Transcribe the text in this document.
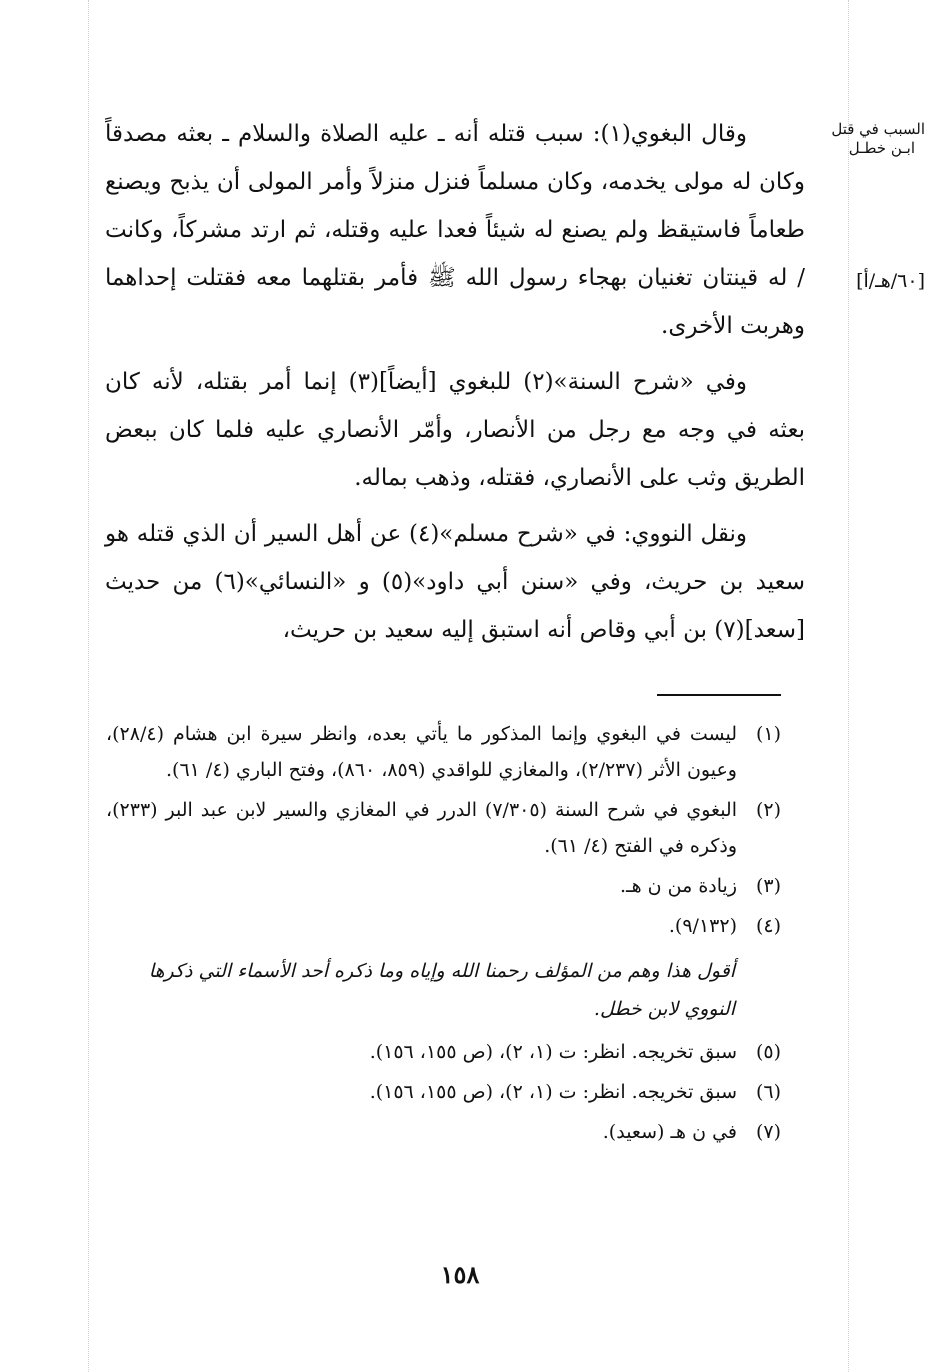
السبب في قتل
ابـن خطـل
[٦٠/هـ/أ]

وقال البغوي(١): سبب قتله أنه ـ عليه الصلاة والسلام ـ بعثه مصدقاً وكان له مولى يخدمه، وكان مسلماً فنزل منزلاً وأمر المولى أن يذبح ويصنع طعاماً فاستيقظ ولم يصنع له شيئاً فعدا عليه وقتله، ثم ارتد مشركاً، وكانت / له قينتان تغنيان بهجاء رسول الله ﷺ فأمر بقتلهما معه فقتلت إحداهما وهربت الأخرى.

وفي «شرح السنة»(٢) للبغوي [أيضاً](٣) إنما أمر بقتله، لأنه كان بعثه في وجه مع رجل من الأنصار، وأمّر الأنصاري عليه فلما كان ببعض الطريق وثب على الأنصاري، فقتله، وذهب بماله.

ونقل النووي: في «شرح مسلم»(٤) عن أهل السير أن الذي قتله هو سعيد بن حريث، وفي «سنن أبي داود»(٥) و «النسائي»(٦) من حديث [سعد](٧) بن أبي وقاص أنه استبق إليه سعيد بن حريث،

(١)
ليست في البغوي وإنما المذكور ما يأتي بعده، وانظر سيرة ابن هشام (٢٨/٤)، وعيون الأثر (٢/٢٣٧)، والمغازي للواقدي (٨٥٩، ٨٦٠)، وفتح الباري (٤/ ٦١).
(٢)
البغوي في شرح السنة (٧/٣٠٥) الدرر في المغازي والسير لابن عبد البر (٢٣٣)، وذكره في الفتح (٤/ ٦١).
(٣)
زيادة من ن هـ.
(٤)
(٩/١٣٢).
أقول هذا وهم من المؤلف رحمنا الله وإياه وما ذكره أحد الأسماء التي ذكرها النووي لابن خطل.
(٥)
سبق تخريجه. انظر: ت (١، ٢)، (ص ١٥٥، ١٥٦).
(٦)
سبق تخريجه. انظر: ت (١، ٢)، (ص ١٥٥، ١٥٦).
(٧)
في ن هـ (سعيد).
١٥٨
